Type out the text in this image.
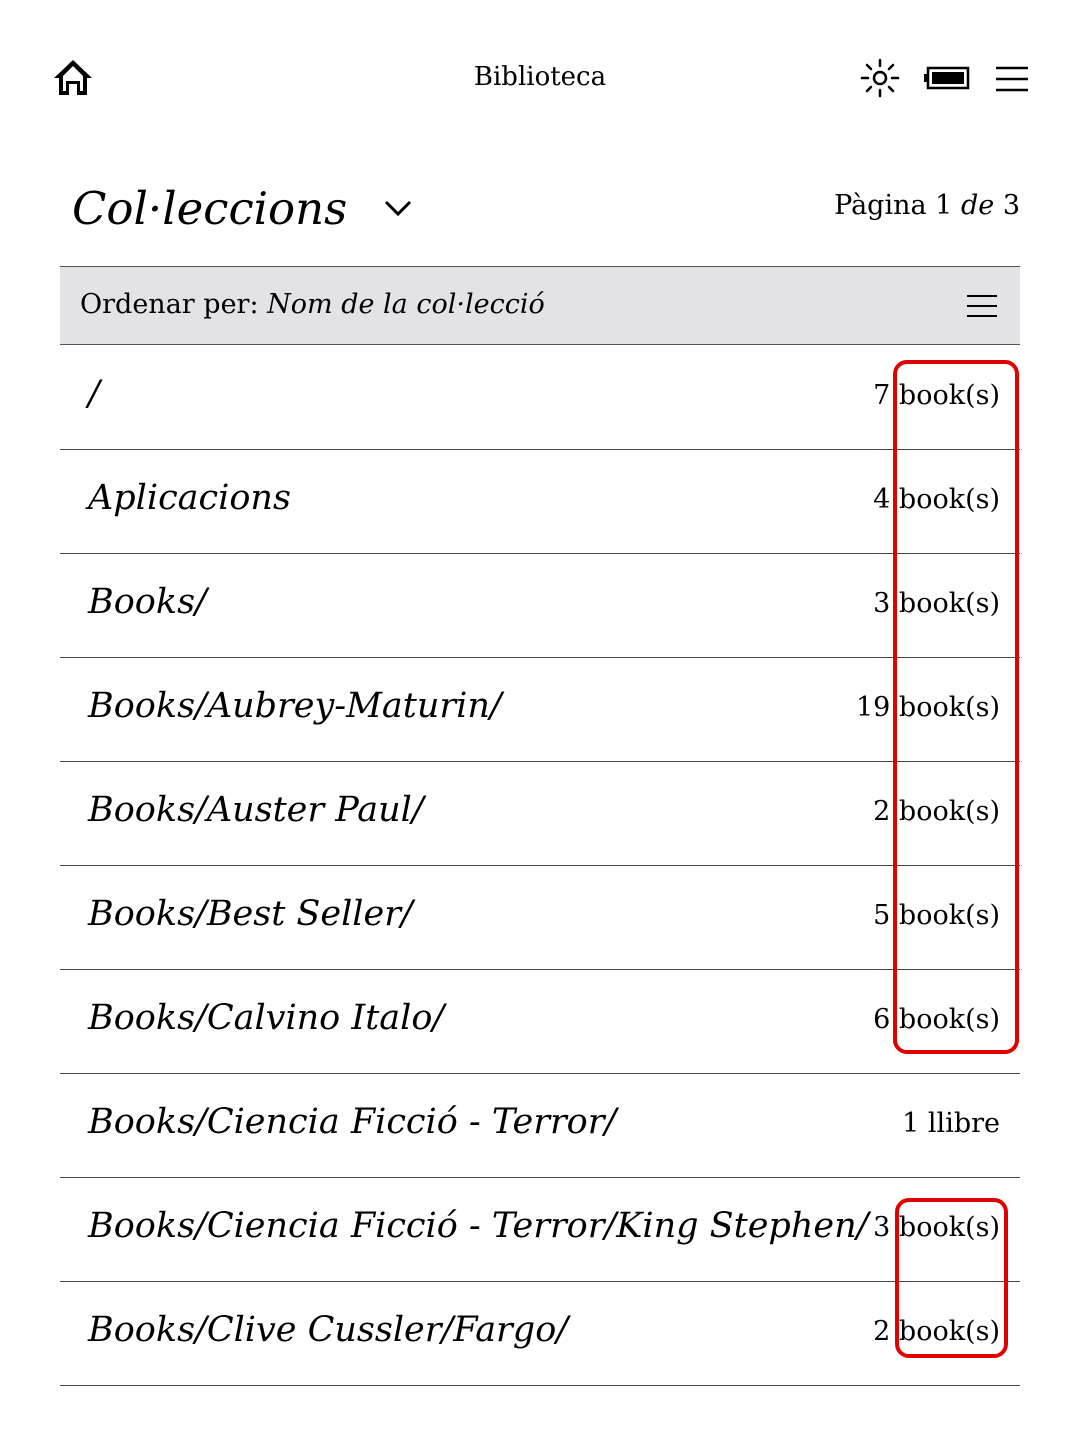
Biblioteca
Col·leccions	Pàgina 1 de 3
Ordenar per: Nom de la col·lecció
/	7 book(s)
Aplicacions	4 book(s)
Books/	3 book(s)
Books/Aubrey-Maturin/	19 book(s)
Books/Auster Paul/	2 book(s)
Books/Best Seller/	5 book(s)
Books/Calvino Italo/	6 book(s)
Books/Ciencia Ficció - Terror/	1 llibre
Books/Ciencia Ficció - Terror/King Stephen/ 3 book(s)
Books/Clive Cussler/Fargo/	2 book(s)
